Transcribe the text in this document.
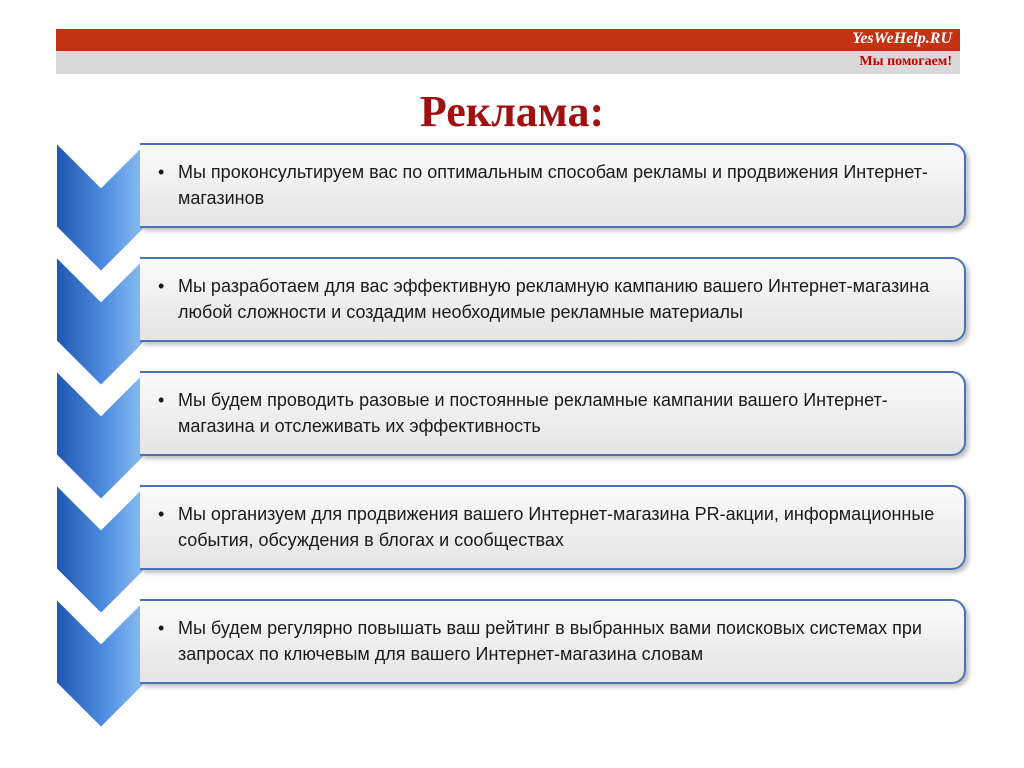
YesWeHelp.RU
Мы помогаем!
Реклама:
• Мы проконсультируем вас по оптимальным способам рекламы и продвижения Интернет-магазинов
• Мы разработаем для вас эффективную рекламную кампанию вашего Интернет-магазина любой сложности и создадим необходимые рекламные материалы
• Мы будем проводить разовые и постоянные рекламные кампании вашего Интернет-магазина и отслеживать их эффективность
• Мы организуем для продвижения вашего Интернет-магазина PR-акции, информационные события, обсуждения в блогах и сообществах
• Мы будем регулярно повышать ваш рейтинг в выбранных вами поисковых системах при запросах по ключевым для вашего Интернет-магазина словам
